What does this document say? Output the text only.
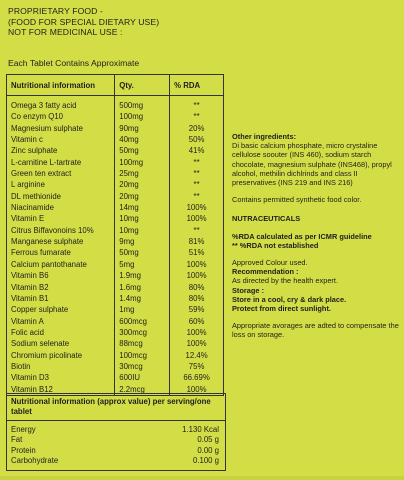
PROPRIETARY FOOD -
(FOOD FOR SPECIAL DIETARY USE)
NOT FOR MEDICINAL USE :
Each Tablet Contains Approximate
Nutritional information	Qty.	% RDA
Omega 3 fatty acid	500mg	**
Co enzym Q10	100mg	**
Magnesium sulphate	90mg	20%
Vitamin c	40mg	50%
Zinc sulphate	50mg	41%
L-carnitine L-tartrate	100mg	**
Green ten extract	25mg	**
L arginine	20mg	**
DL methionide	20mg	**
Niacinamide	14mg	100%
Vitamin E	10mg	100%
Citrus Biffavonoins 10%	10mg	**
Manganese sulphate	9mg	81%
Ferrous fumarate	50mg	51%
Calcium pantothanate	5mg	100%
Vitamin B6	1.9mg	100%
Vitamin B2	1.6mg	80%
Vitamin B1	1.4mg	80%
Copper sulphate	1mg	59%
Vitamin A	600mcg	60%
Folic acid	300mcg	100%
Sodium selenate	88mcg	100%
Chromium picolinate	100mcg	12.4%
Biotin	30mcg	75%
Vitamin D3	600IU	66.69%
Vitamin B12	2.2mcg	100%

Other ingredients:

Di basic calcium phosphate, micro crystaline cellulose soouter (INS 460), sodium starch chocolate, magnesium sulphate (INS468), propyl alcohol, methilin dichlrinds and class II preservatives (INS 219 and INS 216)

Contains permitted synthetic food color.

NUTRACEUTICALS

%RDA calculated as per ICMR guideline

** %RDA not established

Approved Colour used.

Recommendation :

As directed by the health expert.

Storage :

Store in a cool, cry & dark place.

Protect from direct sunlight.

Appropriate avorages are adted to compensate the loss on storage.

Nutritional information (approx value) per serving/one tablet
Energy	1.130 Kcal
Fat	0.05 g
Protein	0.00 g
Carbohydrate	0.100 g
